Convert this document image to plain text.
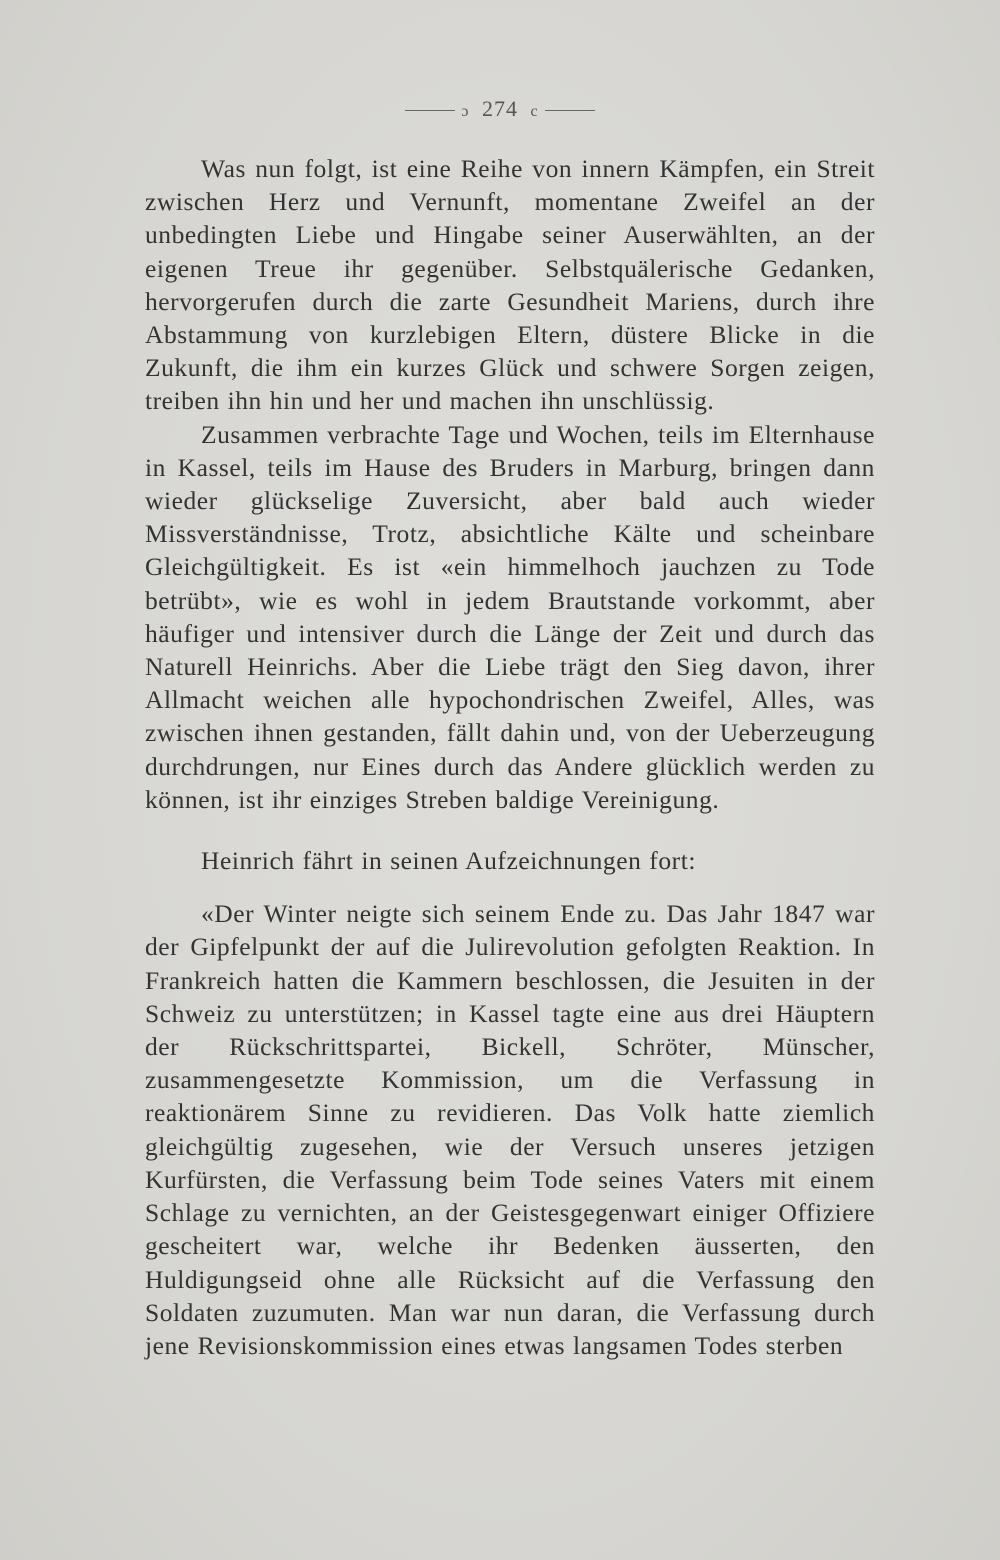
ɔ 274 c

Was nun folgt, ist eine Reihe von innern Kämpfen, ein Streit zwischen Herz und Vernunft, momentane Zweifel an der unbedingten Liebe und Hingabe seiner Auserwählten, an der eigenen Treue ihr gegenüber. Selbstquälerische Gedanken, hervorgerufen durch die zarte Gesundheit Mariens, durch ihre Abstammung von kurzlebigen Eltern, düstere Blicke in die Zukunft, die ihm ein kurzes Glück und schwere Sorgen zeigen, treiben ihn hin und her und machen ihn unschlüssig.

Zusammen verbrachte Tage und Wochen, teils im Elternhause in Kassel, teils im Hause des Bruders in Marburg, bringen dann wieder glückselige Zuversicht, aber bald auch wieder Missverständnisse, Trotz, absichtliche Kälte und scheinbare Gleichgültigkeit. Es ist «ein himmelhoch jauchzen zu Tode betrübt», wie es wohl in jedem Brautstande vorkommt, aber häufiger und intensiver durch die Länge der Zeit und durch das Naturell Heinrichs. Aber die Liebe trägt den Sieg davon, ihrer Allmacht weichen alle hypochondrischen Zweifel, Alles, was zwischen ihnen gestanden, fällt dahin und, von der Ueberzeugung durchdrungen, nur Eines durch das Andere glücklich werden zu können, ist ihr einziges Streben baldige Vereinigung.

Heinrich fährt in seinen Aufzeichnungen fort:

«Der Winter neigte sich seinem Ende zu. Das Jahr 1847 war der Gipfelpunkt der auf die Julirevolution gefolgten Reaktion. In Frankreich hatten die Kammern beschlossen, die Jesuiten in der Schweiz zu unterstützen; in Kassel tagte eine aus drei Häuptern der Rückschrittspartei, Bickell, Schröter, Münscher, zusammengesetzte Kommission, um die Verfassung in reaktionärem Sinne zu revidieren. Das Volk hatte ziemlich gleichgültig zugesehen, wie der Versuch unseres jetzigen Kurfürsten, die Verfassung beim Tode seines Vaters mit einem Schlage zu vernichten, an der Geistesgegenwart einiger Offiziere gescheitert war, welche ihr Bedenken äusserten, den Huldigungseid ohne alle Rücksicht auf die Verfassung den Soldaten zuzumuten. Man war nun daran, die Verfassung durch jene Revisionskommission eines etwas langsamen Todes sterben
